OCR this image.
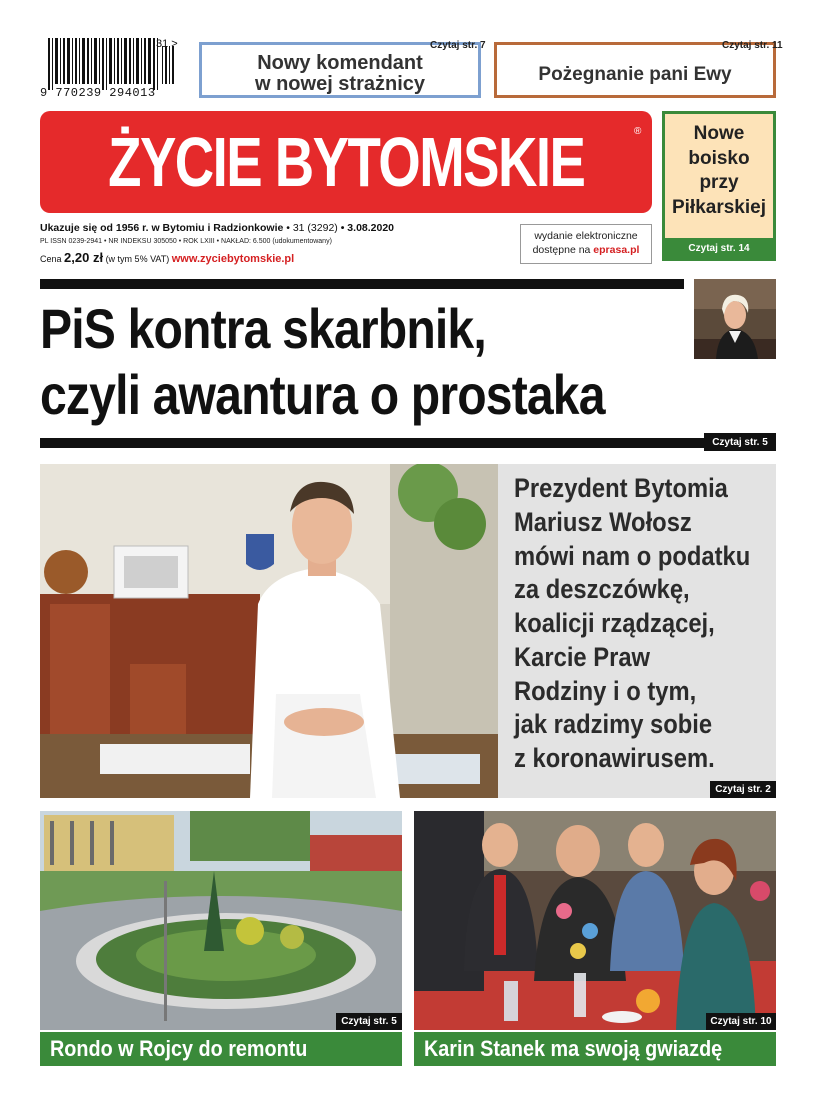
9 770239 294013
31 >
Nowy komendant
w nowej strażnicy
Czytaj str. 7
Pożegnanie pani Ewy
Czytaj str. 11
ŻYCIE BYTOMSKIE	®	Nowe
boisko
przy
Piłkarskiej
Czytaj str. 14
Ukazuje się od 1956 r. w Bytomiu i Radzionkowie • 31 (3292) • 3.08.2020
PL ISSN 0239-2941 • NR INDEKSU 305050 • ROK LXIII • NAKŁAD: 6.500 (udokumentowany)
Cena 2,20 zł (w tym 5% VAT) www.zyciebytomskie.pl
wydanie elektroniczne
dostępne na eprasa.pl
PiS kontra skarbnik,
czyli awantura o prostaka
Czytaj str. 5
Prezydent Bytomia
Mariusz Wołosz
mówi nam o podatku
za deszczówkę,
koalicji rządzącej,
Karcie Praw
Rodziny i o tym,
jak radzimy sobie
z koronawirusem.
Czytaj str. 2
Czytaj str. 5
Rondo w Rojcy do remontu
Czytaj str. 10
Karin Stanek ma swoją gwiazdę
